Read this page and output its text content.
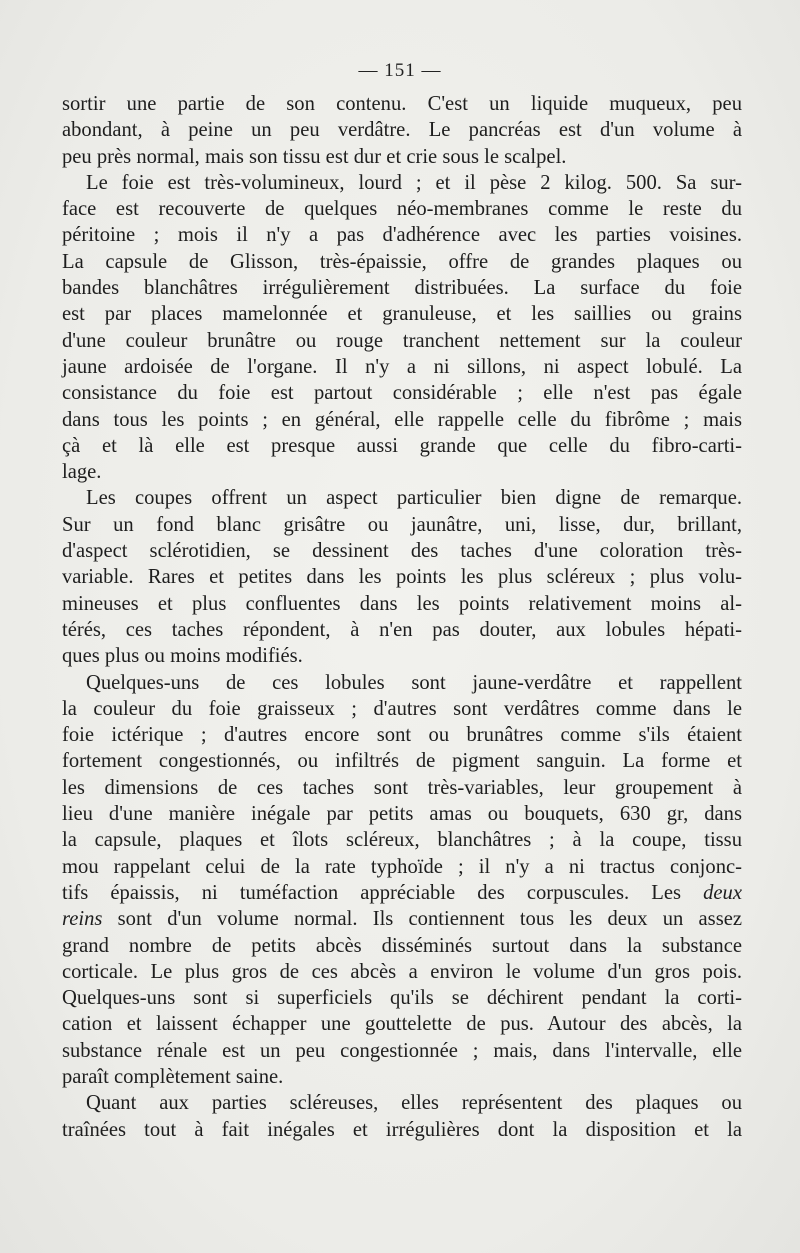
— 151 —
sortir une partie de son contenu. C'est un liquide muqueux, peu
abondant, à peine un peu verdâtre. Le pancréas est d'un volume à
peu près normal, mais son tissu est dur et crie sous le scalpel.
Le foie est très-volumineux, lourd ; et il pèse 2 kilog. 500. Sa sur-
face est recouverte de quelques néo-membranes comme le reste du
péritoine ; mois il n'y a pas d'adhérence avec les parties voisines.
La capsule de Glisson, très-épaissie, offre de grandes plaques ou
bandes blanchâtres irrégulièrement distribuées. La surface du foie
est par places mamelonnée et granuleuse, et les saillies ou grains
d'une couleur brunâtre ou rouge tranchent nettement sur la couleur
jaune ardoisée de l'organe. Il n'y a ni sillons, ni aspect lobulé. La
consistance du foie est partout considérable ; elle n'est pas égale
dans tous les points ; en général, elle rappelle celle du fibrôme ; mais
çà et là elle est presque aussi grande que celle du fibro-carti-
lage.
Les coupes offrent un aspect particulier bien digne de remarque.
Sur un fond blanc grisâtre ou jaunâtre, uni, lisse, dur, brillant,
d'aspect sclérotidien, se dessinent des taches d'une coloration très-
variable. Rares et petites dans les points les plus scléreux ; plus volu-
mineuses et plus confluentes dans les points relativement moins al-
térés, ces taches répondent, à n'en pas douter, aux lobules hépati-
ques plus ou moins modifiés.
Quelques-uns de ces lobules sont jaune-verdâtre et rappellent
la couleur du foie graisseux ; d'autres sont verdâtres comme dans le
foie ictérique ; d'autres encore sont ou brunâtres comme s'ils étaient
fortement congestionnés, ou infiltrés de pigment sanguin. La forme et
les dimensions de ces taches sont très-variables, leur groupement à
lieu d'une manière inégale par petits amas ou bouquets, 630 gr, dans
la capsule, plaques et îlots scléreux, blanchâtres ; à la coupe, tissu
mou rappelant celui de la rate typhoïde ; il n'y a ni tractus conjonc-
tifs épaissis, ni tuméfaction appréciable des corpuscules. Les deux
reins sont d'un volume normal. Ils contiennent tous les deux un assez
grand nombre de petits abcès disséminés surtout dans la substance
corticale. Le plus gros de ces abcès a environ le volume d'un gros pois.
Quelques-uns sont si superficiels qu'ils se déchirent pendant la corti-
cation et laissent échapper une gouttelette de pus. Autour des abcès, la
substance rénale est un peu congestionnée ; mais, dans l'intervalle, elle
paraît complètement saine.
Quant aux parties scléreuses, elles représentent des plaques ou
traînées tout à fait inégales et irrégulières dont la disposition et la
